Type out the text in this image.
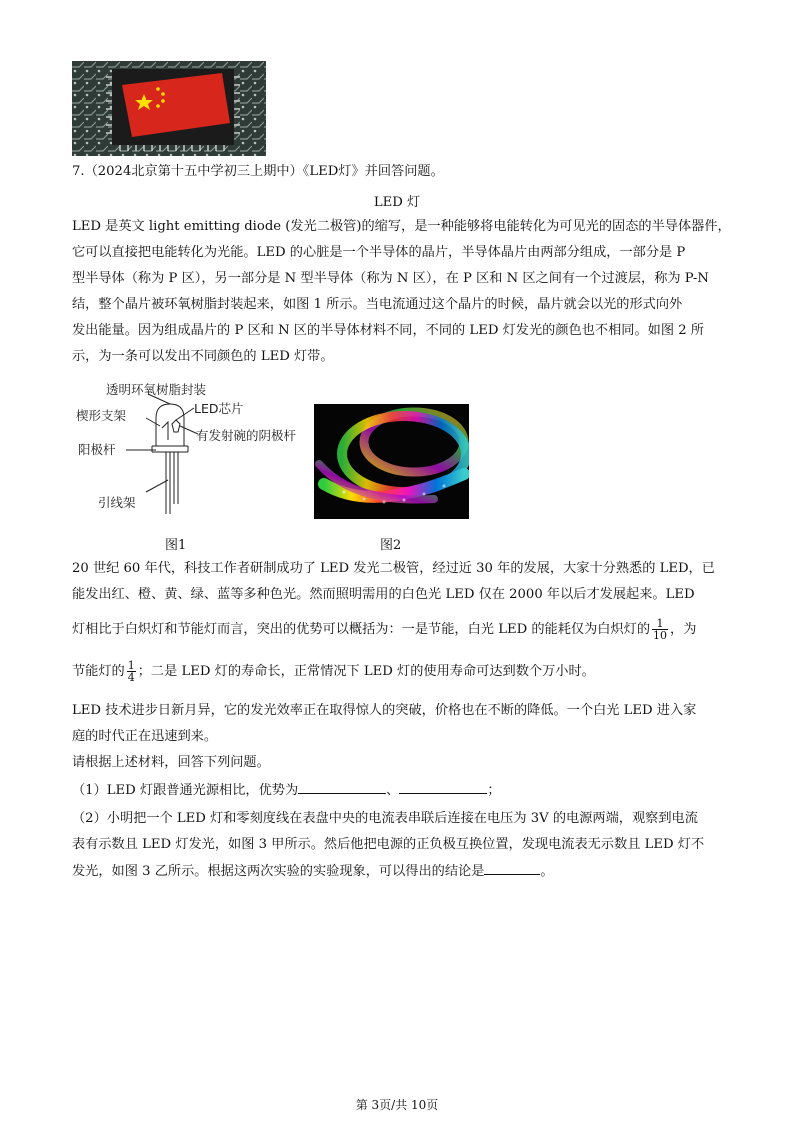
7.（2024北京第十五中学初三上期中）《LED灯》并回答问题。
LED 灯
LED 是英文 light emitting diode (发光二极管)的缩写，是一种能够将电能转化为可见光的固态的半导体器件，
它可以直接把电能转化为光能。LED 的心脏是一个半导体的晶片，半导体晶片由两部分组成，一部分是 P
型半导体（称为 P 区），另一部分是 N 型半导体（称为 N 区），在 P 区和 N 区之间有一个过渡层，称为 P-N
结，整个晶片被环氧树脂封装起来，如图 1 所示。当电流通过这个晶片的时候，晶片就会以光的形式向外
发出能量。因为组成晶片的 P 区和 N 区的半导体材料不同，不同的 LED 灯发光的颜色也不相同。如图 2 所
示，为一条可以发出不同颜色的 LED 灯带。
透明环氧树脂封装
LED芯片
楔形支架
有发射碗的阴极杆
阳极杆
引线架
图1	图2
20 世纪 60 年代，科技工作者研制成功了 LED 发光二极管，经过近 30 年的发展，大家十分熟悉的 LED，已
能发出红、橙、黄、绿、蓝等多种色光。然而照明需用的白色光 LED 仅在 2000 年以后才发展起来。LED
灯相比于白炽灯和节能灯而言，突出的优势可以概括为：一是节能，白光 LED 的能耗仅为白炽灯的 $\frac{1}{10}$ ，为
节能灯的 $\frac{1}{4}$ ；二是 LED 灯的寿命长，正常情况下 LED 灯的使用寿命可达到数个万小时。
LED 技术进步日新月异，它的发光效率正在取得惊人的突破，价格也在不断的降低。一个白光 LED 进入家
庭的时代正在迅速到来。
请根据上述材料，回答下列问题。
（1）LED 灯跟普通光源相比，优势为	、	；
（2）小明把一个 LED 灯和零刻度线在表盘中央的电流表串联后连接在电压为 3V 的电源两端，观察到电流
表有示数且 LED 灯发光，如图 3 甲所示。然后他把电源的正负极互换位置，发现电流表无示数且 LED 灯不
发光，如图 3 乙所示。根据这两次实验的实验现象，可以得出的结论是	。
第 3页/共 10页
